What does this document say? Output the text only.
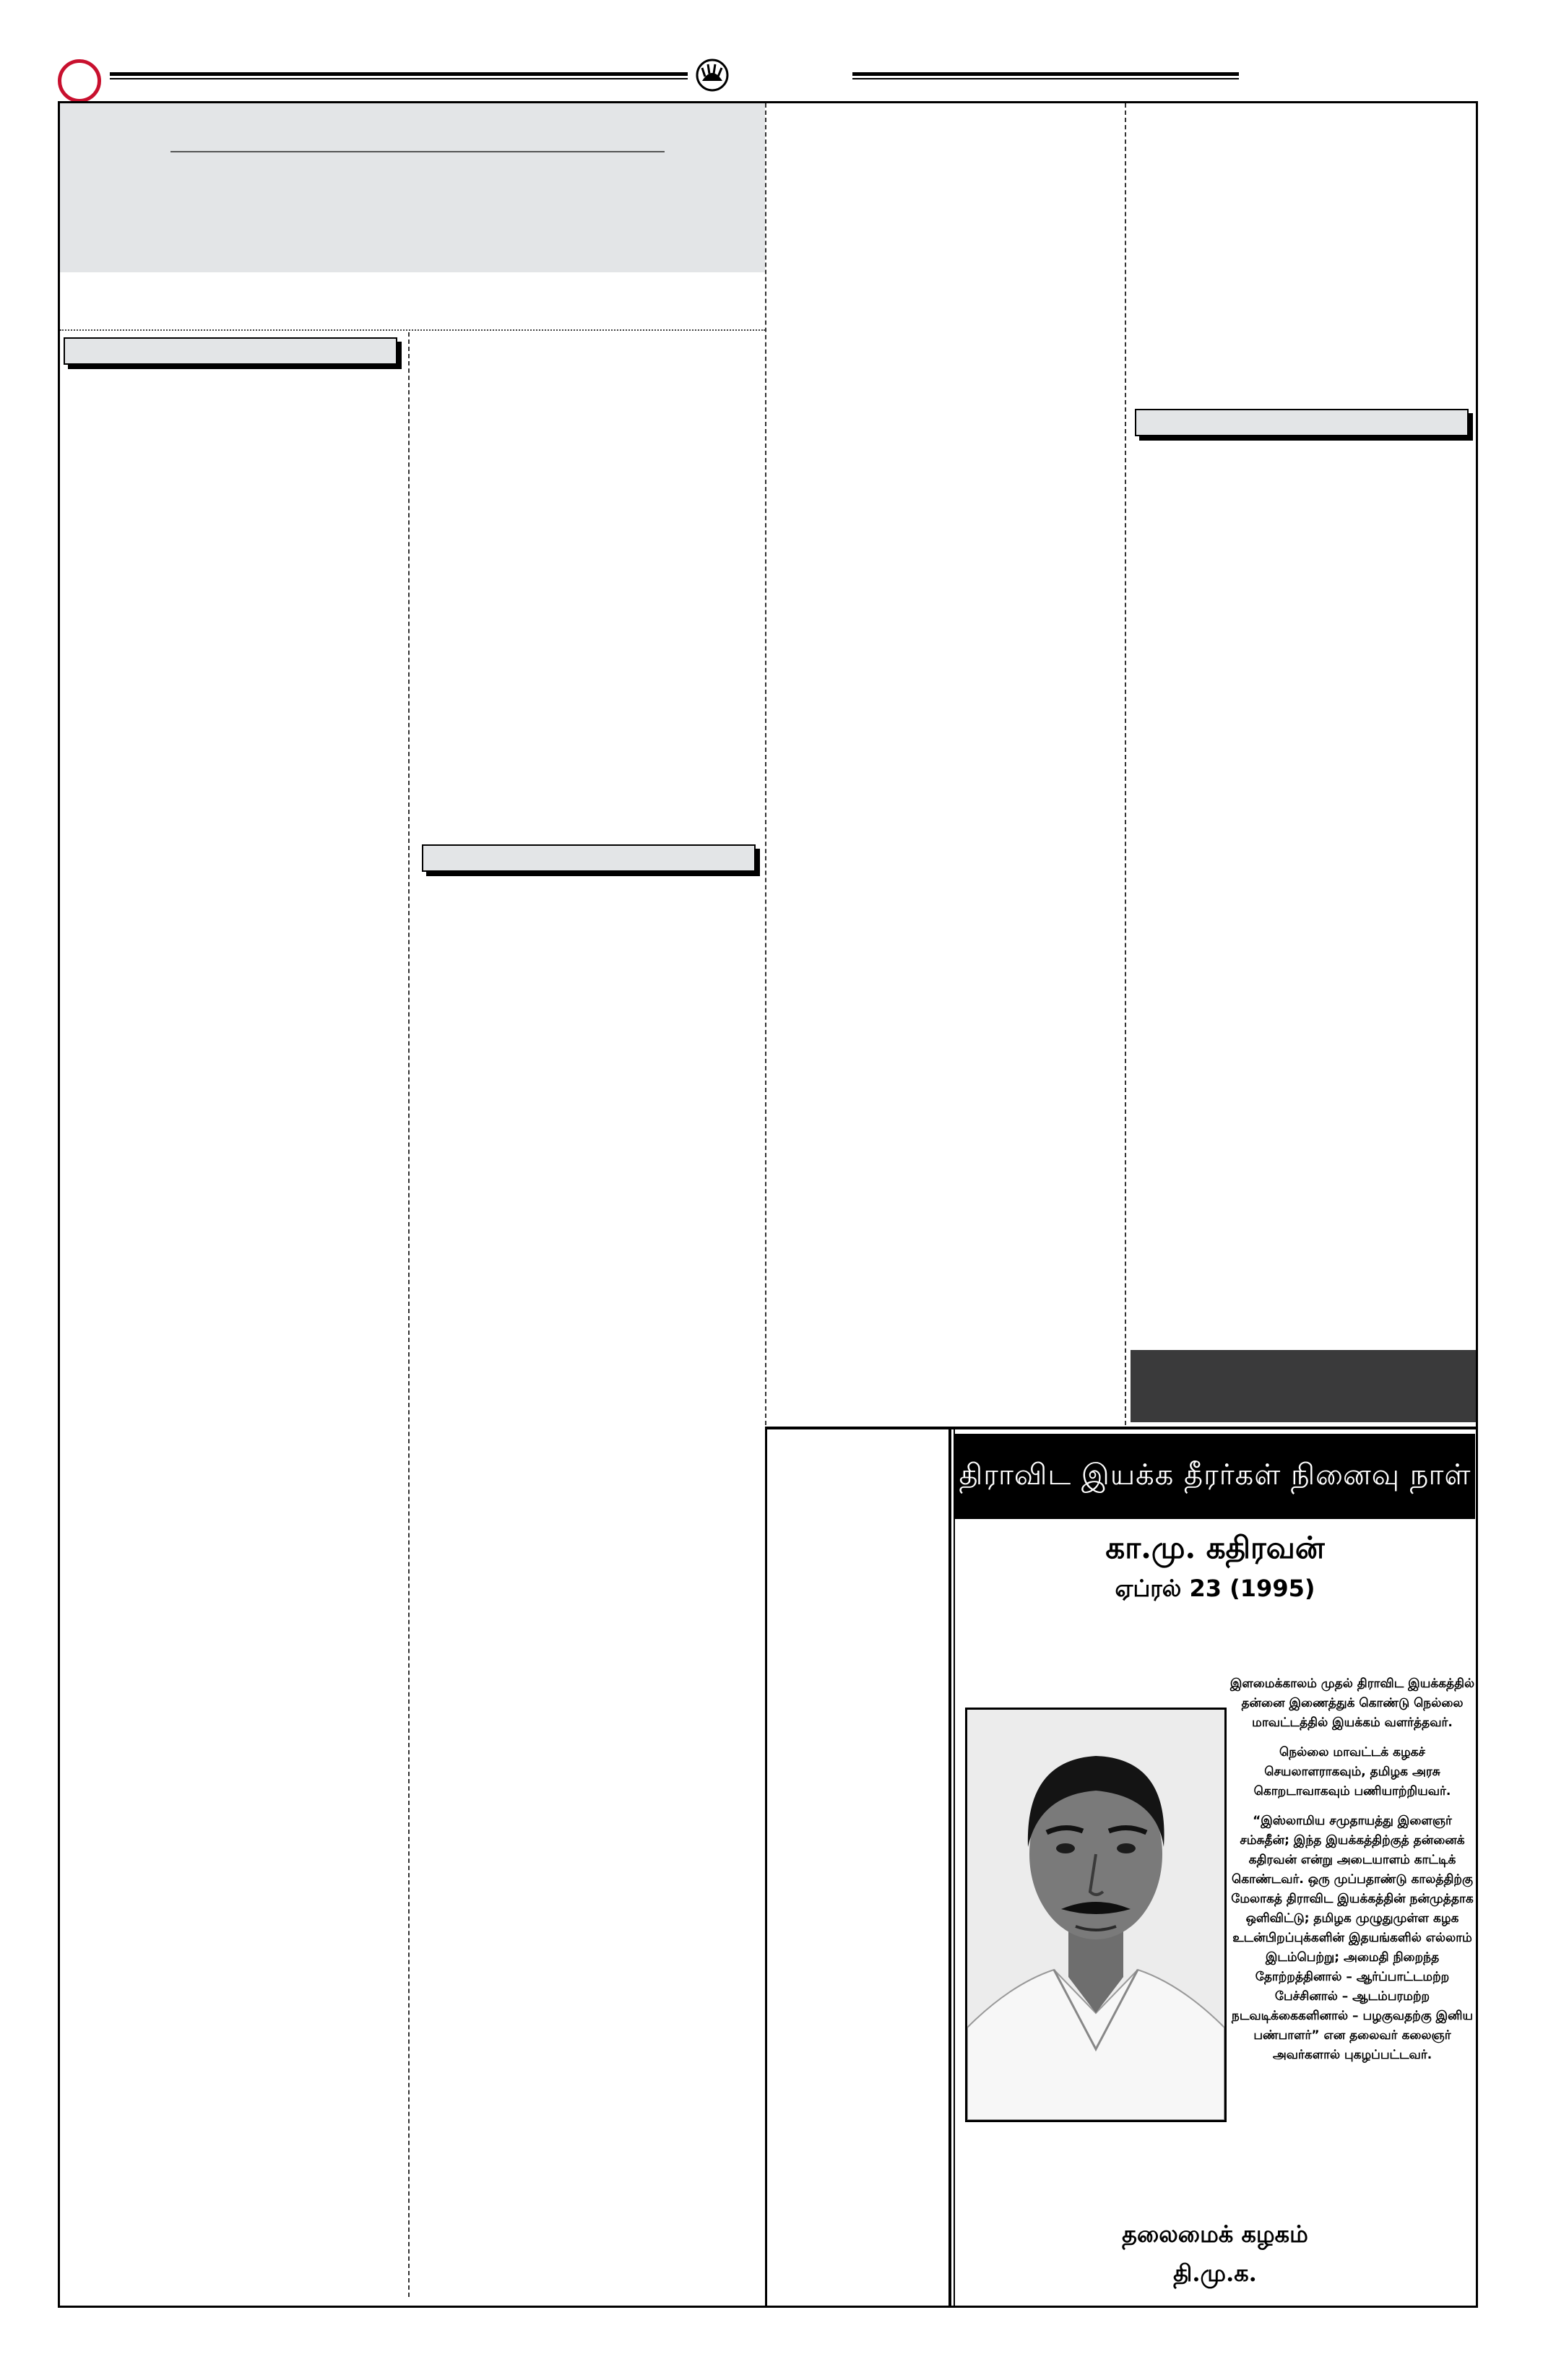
திராவிட இயக்க தீரர்கள் நினைவு நாள்
கா.மு. கதிரவன்
ஏப்ரல் 23 (1995)

இளமைக்காலம் முதல் திராவிட இயக்கத்தில் தன்னை இணைத்துக் கொண்டு நெல்லை மாவட்டத்தில் இயக்கம் வளர்த்தவர்.

நெல்லை மாவட்டக் கழகச் செயலாளராகவும், தமிழக அரசு கொறடாவாகவும் பணியாற்றியவர்.

“இஸ்லாமிய சமுதாயத்து இளைஞர் சம்சுதீன்; இந்த இயக்கத்திற்குத் தன்னைக் கதிரவன் என்று அடையாளம் காட்டிக் கொண்டவர். ஒரு முப்பதாண்டு காலத்திற்கு மேலாகத் திராவிட இயக்கத்தின் நன்முத்தாக ஒளிவிட்டு; தமிழக முழுதுமுள்ள கழக உடன்பிறப்புக்களின் இதயங்களில் எல்லாம் இடம்பெற்று; அமைதி நிறைந்த தோற்றத்தினால் – ஆர்ப்பாட்டமற்ற பேச்சினால் – ஆடம்பரமற்ற நடவடிக்கைகளினால் – பழகுவதற்கு இனிய பண்பாளர்” என தலைவர் கலைஞர் அவர்களால் புகழப்பட்டவர்.

தலைமைக் கழகம்
தி.மு.க.
